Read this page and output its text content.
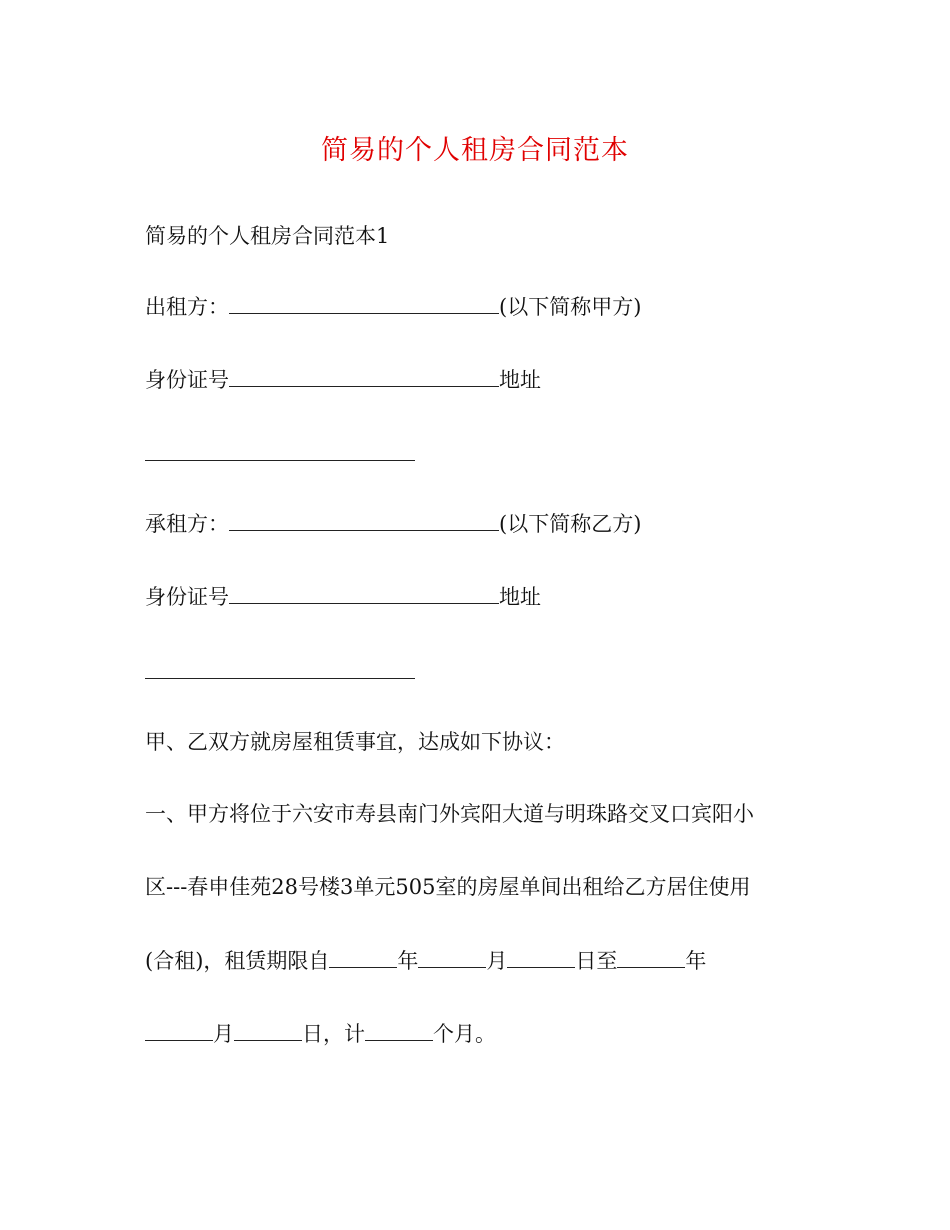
简易的个人租房合同范本
简易的个人租房合同范本1
出租方：	(以下简称甲方)
身份证号	地址
承租方：	(以下简称乙方)
身份证号	地址
甲、乙双方就房屋租赁事宜，达成如下协议：
一、甲方将位于六安市寿县南门外宾阳大道与明珠路交叉口宾阳小
区---春申佳苑28号楼3单元505室的房屋单间出租给乙方居住使用
(合租)，租赁期限自	年	月	日至	年
月	日，计	个月。
